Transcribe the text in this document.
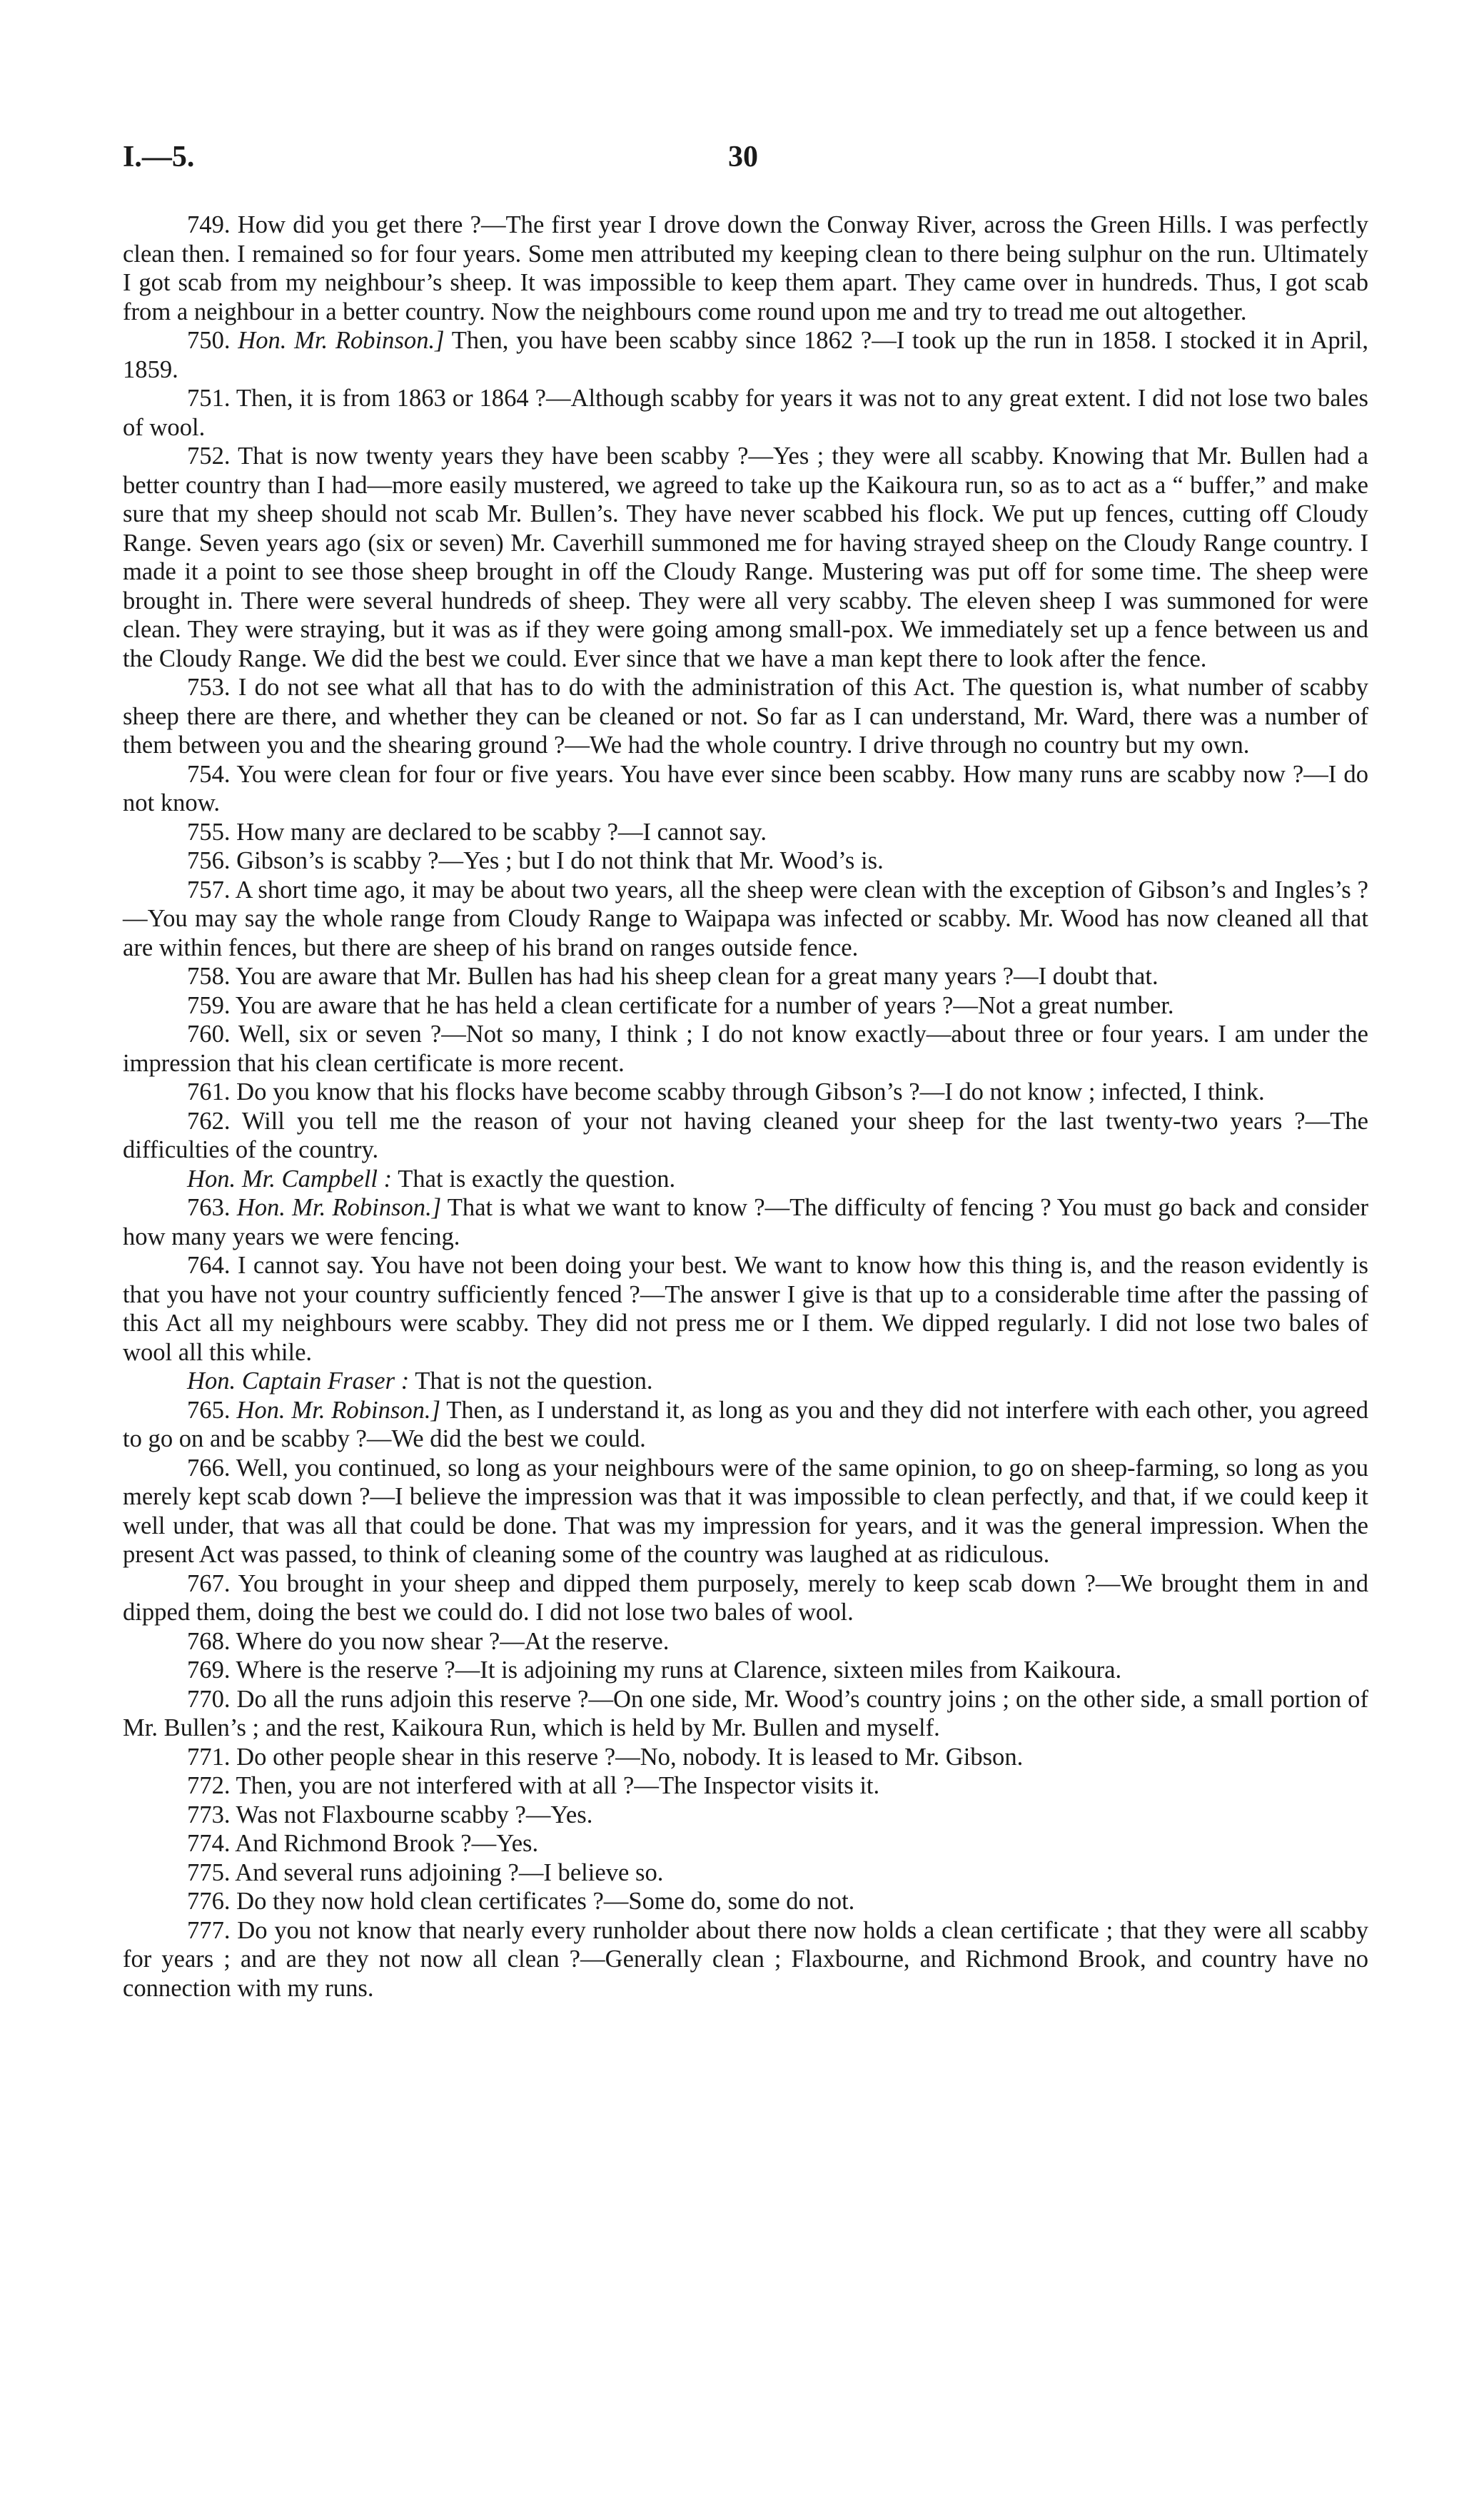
I.—5.	30

749. How did you get there ?—The first year I drove down the Conway River, across the Green Hills. I was perfectly clean then. I remained so for four years. Some men attributed my keeping clean to there being sulphur on the run. Ultimately I got scab from my neighbour’s sheep. It was impossible to keep them apart. They came over in hundreds. Thus, I got scab from a neighbour in a better country. Now the neighbours come round upon me and try to tread me out altogether.

750. Hon. Mr. Robinson.] Then, you have been scabby since 1862 ?—I took up the run in 1858. I stocked it in April, 1859.

751. Then, it is from 1863 or 1864 ?—Although scabby for years it was not to any great extent. I did not lose two bales of wool.

752. That is now twenty years they have been scabby ?—Yes ; they were all scabby. Knowing that Mr. Bullen had a better country than I had—more easily mustered, we agreed to take up the Kaikoura run, so as to act as a “ buffer,” and make sure that my sheep should not scab Mr. Bullen’s. They have never scabbed his flock. We put up fences, cutting off Cloudy Range. Seven years ago (six or seven) Mr. Caverhill summoned me for having strayed sheep on the Cloudy Range country. I made it a point to see those sheep brought in off the Cloudy Range. Mustering was put off for some time. The sheep were brought in. There were several hundreds of sheep. They were all very scabby. The eleven sheep I was summoned for were clean. They were straying, but it was as if they were going among small-pox. We immediately set up a fence between us and the Cloudy Range. We did the best we could. Ever since that we have a man kept there to look after the fence.

753. I do not see what all that has to do with the administration of this Act. The question is, what number of scabby sheep there are there, and whether they can be cleaned or not. So far as I can understand, Mr. Ward, there was a number of them between you and the shearing ground ?—We had the whole country. I drive through no country but my own.

754. You were clean for four or five years. You have ever since been scabby. How many runs are scabby now ?—I do not know.

755. How many are declared to be scabby ?—I cannot say.

756. Gibson’s is scabby ?—Yes ; but I do not think that Mr. Wood’s is.

757. A short time ago, it may be about two years, all the sheep were clean with the exception of Gibson’s and Ingles’s ?—You may say the whole range from Cloudy Range to Waipapa was infected or scabby. Mr. Wood has now cleaned all that are within fences, but there are sheep of his brand on ranges outside fence.

758. You are aware that Mr. Bullen has had his sheep clean for a great many years ?—I doubt that.

759. You are aware that he has held a clean certificate for a number of years ?—Not a great number.

760. Well, six or seven ?—Not so many, I think ; I do not know exactly—about three or four years. I am under the impression that his clean certificate is more recent.

761. Do you know that his flocks have become scabby through Gibson’s ?—I do not know ; infected, I think.

762. Will you tell me the reason of your not having cleaned your sheep for the last twenty-two years ?—The difficulties of the country.

Hon. Mr. Campbell : That is exactly the question.

763. Hon. Mr. Robinson.] That is what we want to know ?—The difficulty of fencing ? You must go back and consider how many years we were fencing.

764. I cannot say. You have not been doing your best. We want to know how this thing is, and the reason evidently is that you have not your country sufficiently fenced ?—The answer I give is that up to a considerable time after the passing of this Act all my neighbours were scabby. They did not press me or I them. We dipped regularly. I did not lose two bales of wool all this while.

Hon. Captain Fraser : That is not the question.

765. Hon. Mr. Robinson.] Then, as I understand it, as long as you and they did not interfere with each other, you agreed to go on and be scabby ?—We did the best we could.

766. Well, you continued, so long as your neighbours were of the same opinion, to go on sheep-farming, so long as you merely kept scab down ?—I believe the impression was that it was impossible to clean perfectly, and that, if we could keep it well under, that was all that could be done. That was my impression for years, and it was the general impression. When the present Act was passed, to think of cleaning some of the country was laughed at as ridiculous.

767. You brought in your sheep and dipped them purposely, merely to keep scab down ?—We brought them in and dipped them, doing the best we could do. I did not lose two bales of wool.

768. Where do you now shear ?—At the reserve.

769. Where is the reserve ?—It is adjoining my runs at Clarence, sixteen miles from Kaikoura.

770. Do all the runs adjoin this reserve ?—On one side, Mr. Wood’s country joins ; on the other side, a small portion of Mr. Bullen’s ; and the rest, Kaikoura Run, which is held by Mr. Bullen and myself.

771. Do other people shear in this reserve ?—No, nobody. It is leased to Mr. Gibson.

772. Then, you are not interfered with at all ?—The Inspector visits it.

773. Was not Flaxbourne scabby ?—Yes.

774. And Richmond Brook ?—Yes.

775. And several runs adjoining ?—I believe so.

776. Do they now hold clean certificates ?—Some do, some do not.

777. Do you not know that nearly every runholder about there now holds a clean certificate ; that they were all scabby for years ; and are they not now all clean ?—Generally clean ; Flaxbourne, and Richmond Brook, and country have no connection with my runs.
